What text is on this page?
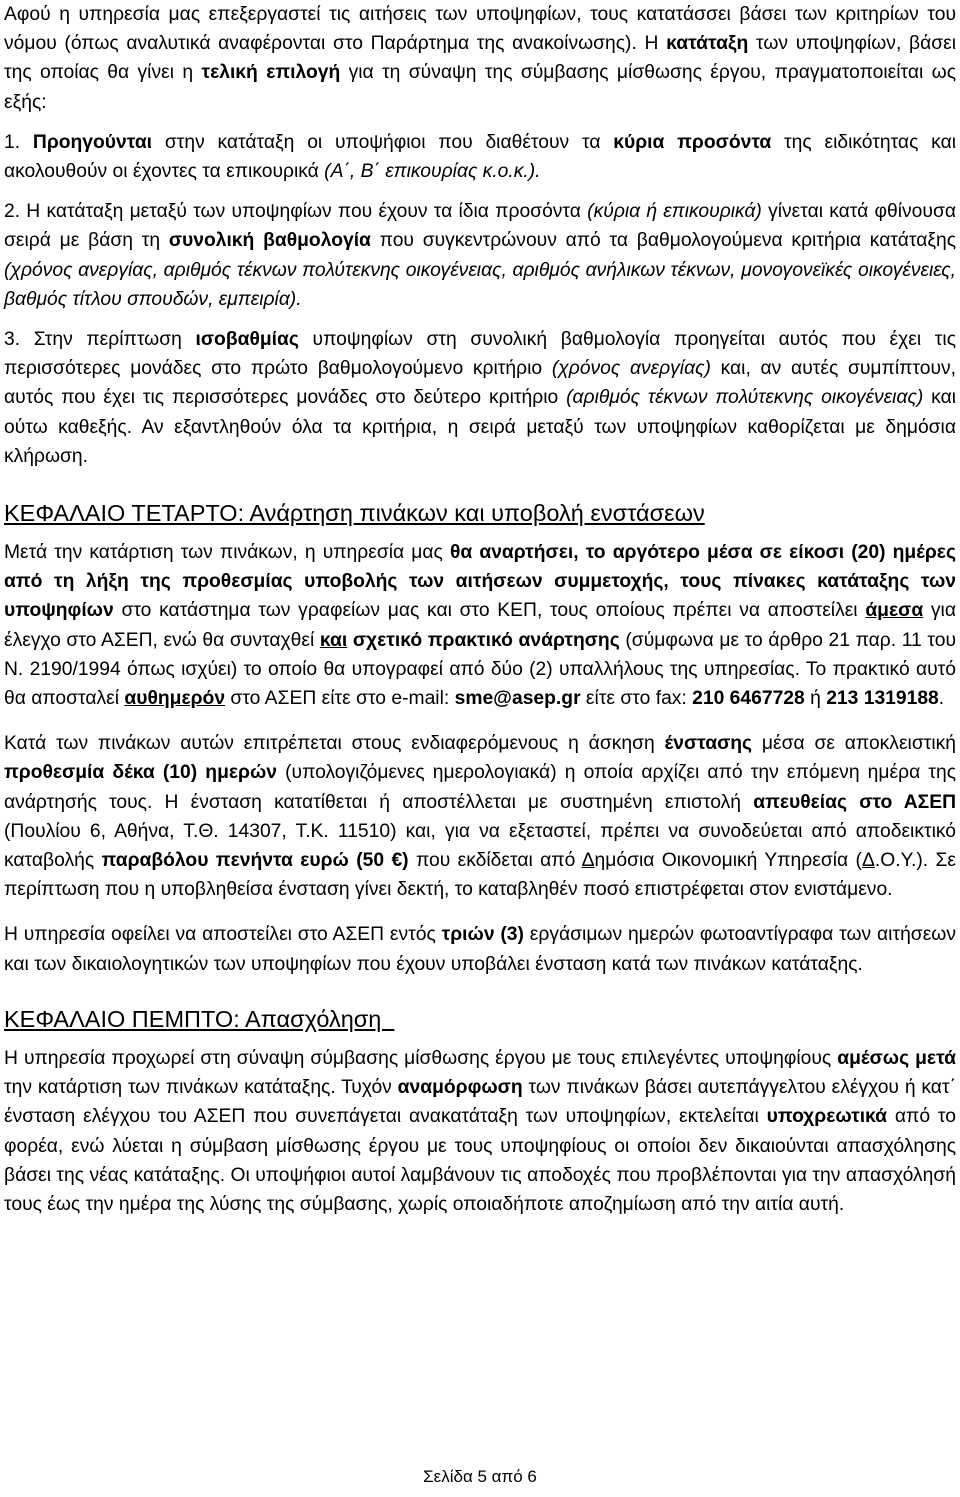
Αφού η υπηρεσία μας επεξεργαστεί τις αιτήσεις των υποψηφίων, τους κατατάσσει βάσει των κριτηρίων του νόμου (όπως αναλυτικά αναφέρονται στο Παράρτημα της ανακοίνωσης). Η κατάταξη των υποψηφίων, βάσει της οποίας θα γίνει η τελική επιλογή για τη σύναψη της σύμβασης μίσθωσης έργου, πραγματοποιείται ως εξής:

1. Προηγούνται στην κατάταξη οι υποψήφιοι που διαθέτουν τα κύρια προσόντα της ειδικότητας και ακολουθούν οι έχοντες τα επικουρικά (Α΄, Β΄ επικουρίας κ.ο.κ.).

2. Η κατάταξη μεταξύ των υποψηφίων που έχουν τα ίδια προσόντα (κύρια ή επικουρικά) γίνεται κατά φθίνουσα σειρά με βάση τη συνολική βαθμολογία που συγκεντρώνουν από τα βαθμολογούμενα κριτήρια κατάταξης (χρόνος ανεργίας, αριθμός τέκνων πολύτεκνης οικογένειας, αριθμός ανήλικων τέκνων, μονογονεϊκές οικογένειες, βαθμός τίτλου σπουδών, εμπειρία).

3. Στην περίπτωση ισοβαθμίας υποψηφίων στη συνολική βαθμολογία προηγείται αυτός που έχει τις περισσότερες μονάδες στο πρώτο βαθμολογούμενο κριτήριο (χρόνος ανεργίας) και, αν αυτές συμπίπτουν, αυτός που έχει τις περισσότερες μονάδες στο δεύτερο κριτήριο (αριθμός τέκνων πολύτεκνης οικογένειας) και ούτω καθεξής. Αν εξαντληθούν όλα τα κριτήρια, η σειρά μεταξύ των υποψηφίων καθορίζεται με δημόσια κλήρωση.

ΚΕΦΑΛΑΙΟ ΤΕΤΑΡΤΟ: Ανάρτηση πινάκων και υποβολή ενστάσεων

Μετά την κατάρτιση των πινάκων, η υπηρεσία μας θα αναρτήσει, το αργότερο μέσα σε είκοσι (20) ημέρες από τη λήξη της προθεσμίας υποβολής των αιτήσεων συμμετοχής, τους πίνακες κατάταξης των υποψηφίων στο κατάστημα των γραφείων μας και στο ΚΕΠ, τους οποίους πρέπει να αποστείλει άμεσα για έλεγχο στο ΑΣΕΠ, ενώ θα συνταχθεί και σχετικό πρακτικό ανάρτησης (σύμφωνα με το άρθρο 21 παρ. 11 του Ν. 2190/1994 όπως ισχύει) το οποίο θα υπογραφεί από δύο (2) υπαλλήλους της υπηρεσίας. Το πρακτικό αυτό θα αποσταλεί αυθημερόν στο ΑΣΕΠ είτε στο e-mail: sme@asep.gr είτε στο fax: 210 6467728 ή 213 1319188.

Κατά των πινάκων αυτών επιτρέπεται στους ενδιαφερόμενους η άσκηση ένστασης μέσα σε αποκλειστική προθεσμία δέκα (10) ημερών (υπολογιζόμενες ημερολογιακά) η οποία αρχίζει από την επόμενη ημέρα της ανάρτησής τους. Η ένσταση κατατίθεται ή αποστέλλεται με συστημένη επιστολή απευθείας στο ΑΣΕΠ (Πουλίου 6, Αθήνα, Τ.Θ. 14307, Τ.Κ. 11510) και, για να εξεταστεί, πρέπει να συνοδεύεται από αποδεικτικό καταβολής παραβόλου πενήντα ευρώ (50 €) που εκδίδεται από Δημόσια Οικονομική Υπηρεσία (Δ.Ο.Υ.). Σε περίπτωση που η υποβληθείσα ένσταση γίνει δεκτή, το καταβληθέν ποσό επιστρέφεται στον ενιστάμενο.

Η υπηρεσία οφείλει να αποστείλει στο ΑΣΕΠ εντός τριών (3) εργάσιμων ημερών φωτοαντίγραφα των αιτήσεων και των δικαιολογητικών των υποψηφίων που έχουν υποβάλει ένσταση κατά των πινάκων κατάταξης.

ΚΕΦΑΛΑΙΟ ΠΕΜΠΤΟ: Απασχόληση

Η υπηρεσία προχωρεί στη σύναψη σύμβασης μίσθωσης έργου με τους επιλεγέντες υποψηφίους αμέσως μετά την κατάρτιση των πινάκων κατάταξης. Τυχόν αναμόρφωση των πινάκων βάσει αυτεπάγγελτου ελέγχου ή κατ΄ ένσταση ελέγχου του ΑΣΕΠ που συνεπάγεται ανακατάταξη των υποψηφίων, εκτελείται υποχρεωτικά από το φορέα, ενώ λύεται η σύμβαση μίσθωσης έργου με τους υποψηφίους οι οποίοι δεν δικαιούνται απασχόλησης βάσει της νέας κατάταξης. Οι υποψήφιοι αυτοί λαμβάνουν τις αποδοχές που προβλέπονται για την απασχόλησή τους έως την ημέρα της λύσης της σύμβασης, χωρίς οποιαδήποτε αποζημίωση από την αιτία αυτή.

Σελίδα 5 από 6
